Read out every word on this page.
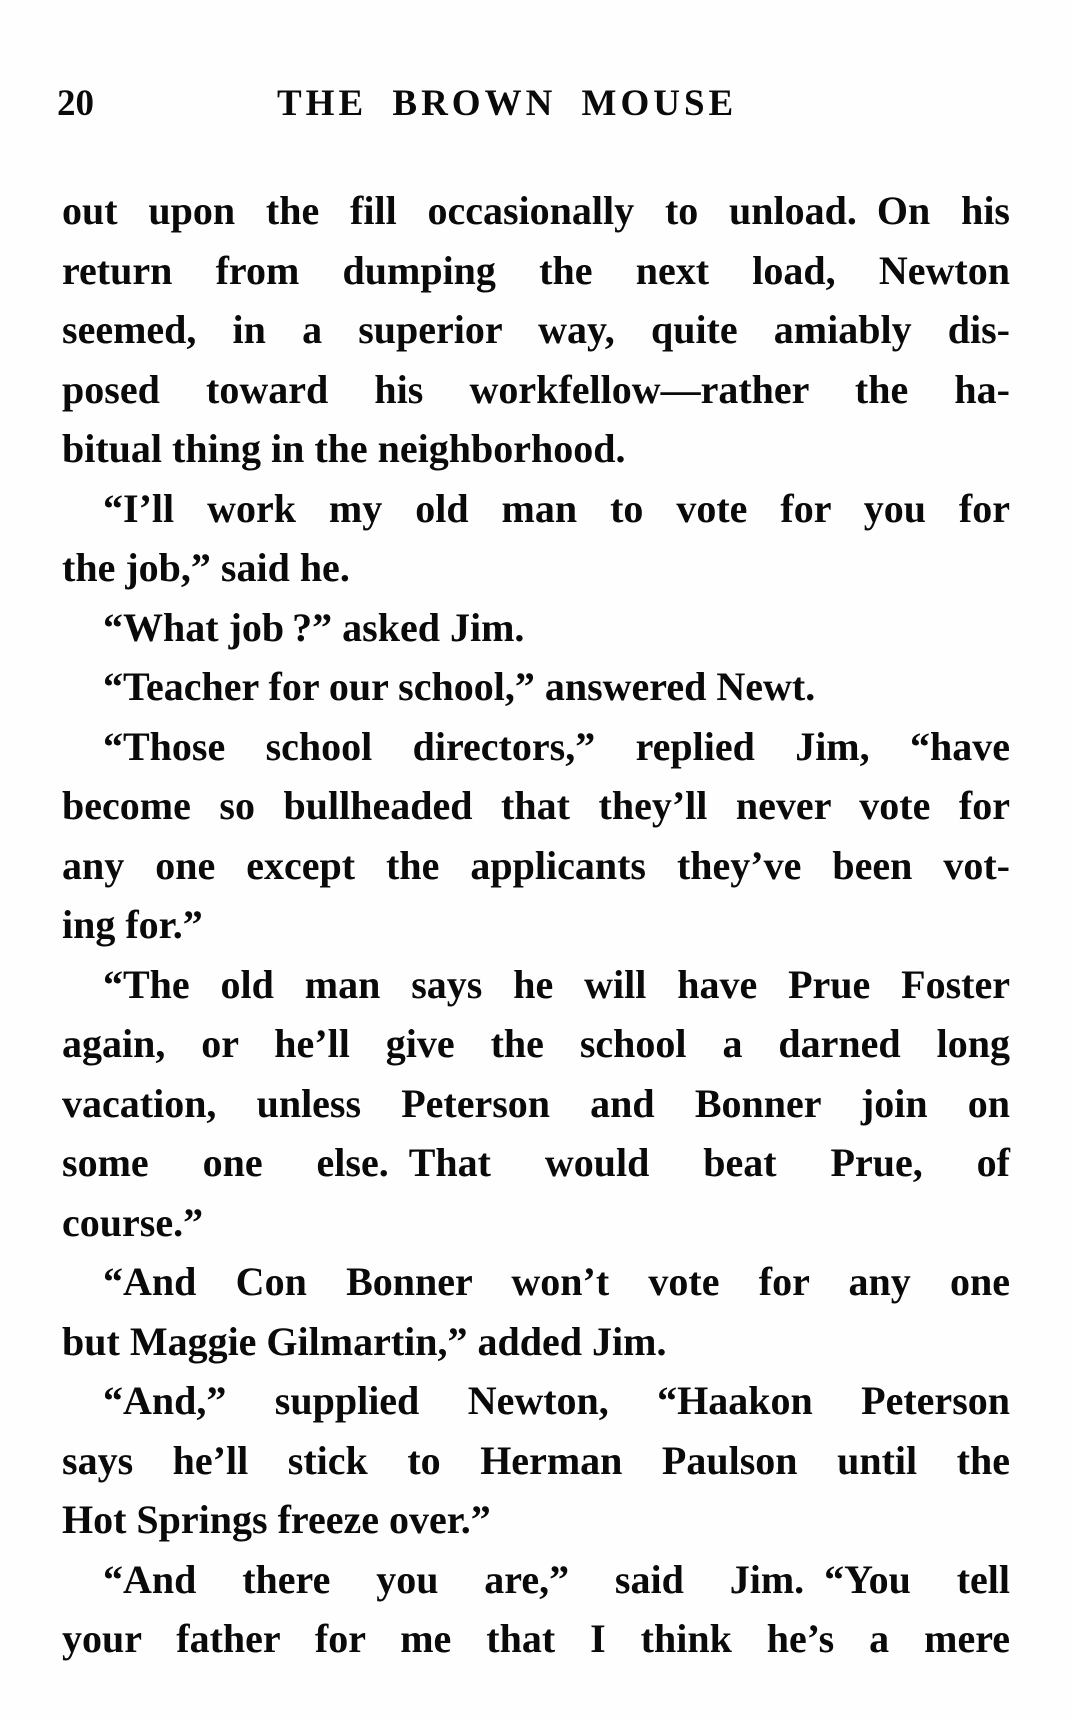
20	THE BROWN MOUSE
out upon the fill occasionally to unload. On his
return from dumping the next load, Newton
seemed, in a superior way, quite amiably dis-
posed toward his workfellow—rather the ha-
bitual thing in the neighborhood.
“I’ll work my old man to vote for you for
the job,” said he.
“What job ?” asked Jim.
“Teacher for our school,” answered Newt.
“Those school directors,” replied Jim, “have
become so bullheaded that they’ll never vote for
any one except the applicants they’ve been vot-
ing for.”
“The old man says he will have Prue Foster
again, or he’ll give the school a darned long
vacation, unless Peterson and Bonner join on
some one else. That would beat Prue, of
course.”
“And Con Bonner won’t vote for any one
but Maggie Gilmartin,” added Jim.
“And,” supplied Newton, “Haakon Peterson
says he’ll stick to Herman Paulson until the
Hot Springs freeze over.”
“And there you are,” said Jim. “You tell
your father for me that I think he’s a mere
